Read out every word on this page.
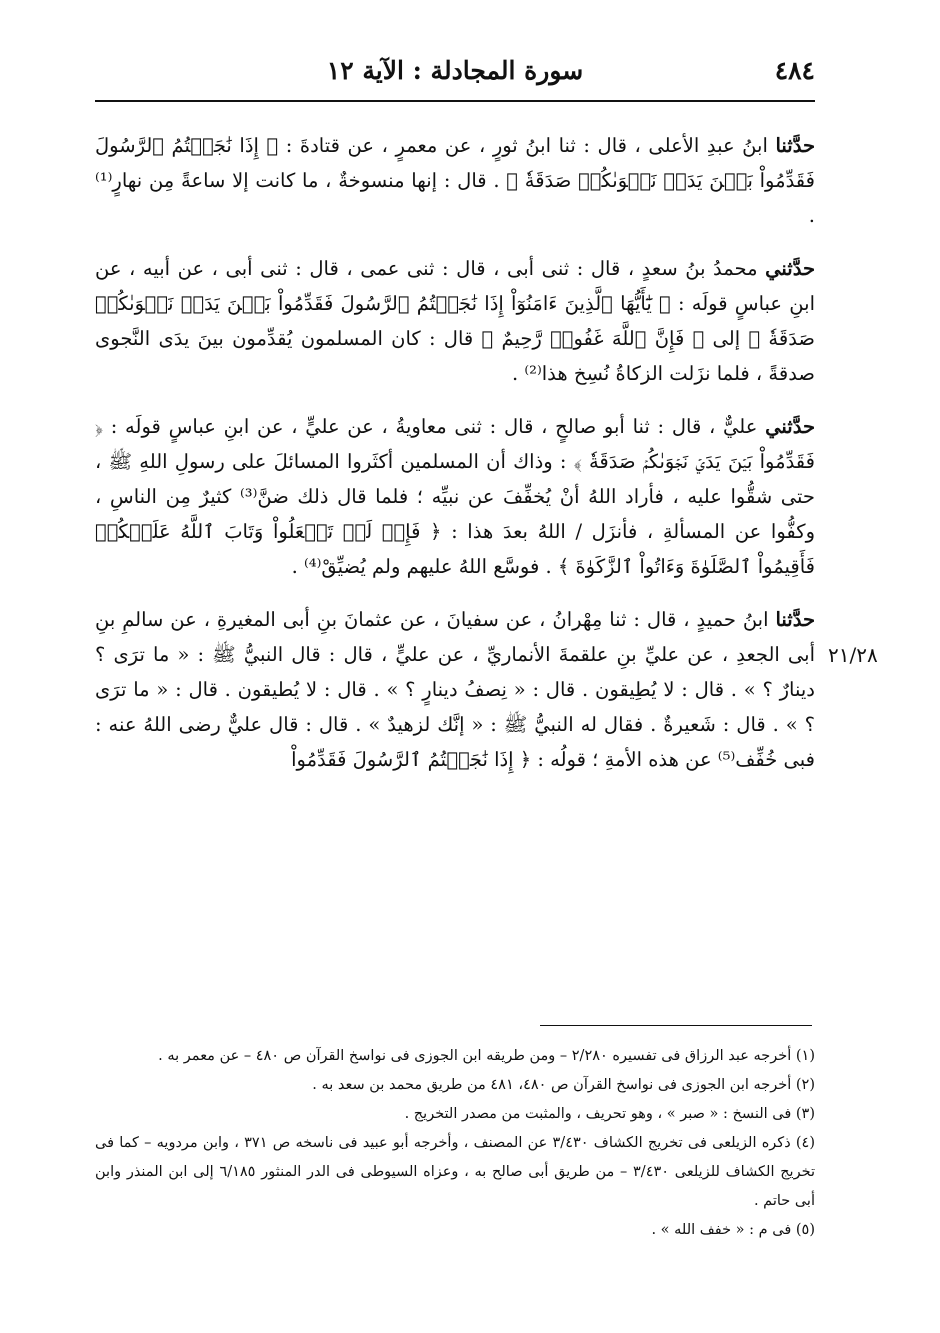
٤٨٤
سورة المجادلة : الآية ١٢

حدَّثنا ابنُ عبدِ الأعلى ، قال : ثنا ابنُ ثورٍ ، عن معمرٍ ، عن قتادةَ : ﴿ إِذَا نَٰجَيۡتُمُ ٱلرَّسُولَ فَقَدِّمُواْ بَيۡنَ يَدَيۡ نَجۡوَىٰكُمۡ صَدَقَةٗ ﴾ . قال : إنها منسوخةٌ ، ما كانت إلا ساعةً مِن نهارٍ⁽¹⁾ .

حدَّثني محمدُ بنُ سعدٍ ، قال : ثنى أبى ، قال : ثنى عمى ، قال : ثنى أبى ، عن أبيه ، عن ابنِ عباسٍ قولَه : ﴿ يَٰٓأَيُّهَا ٱلَّذِينَ ءَامَنُوٓاْ إِذَا نَٰجَيۡتُمُ ٱلرَّسُولَ فَقَدِّمُواْ بَيۡنَ يَدَيۡ نَجۡوَىٰكُمۡ صَدَقَةٗ ﴾ إلى ﴿ فَإِنَّ ٱللَّهَ غَفُورٞ رَّحِيمٌ ﴾ قال : كان المسلمون يُقدِّمون بينَ يدَى النَّجوى صدقةً ، فلما نزَلت الزكاةُ نُسِخ هذا⁽²⁾ .

حدَّثني عليٌّ ، قال : ثنا أبو صالحٍ ، قال : ثنى معاويةُ ، عن عليٍّ ، عن ابنِ عباسٍ قولَه : ﴿ فَقَدِّمُواْ بَيۡنَ يَدَيۡ نَجۡوَىٰكُمۡ صَدَقَةٗ ﴾ : وذاك أن المسلمين أكثَروا المسائلَ على رسولِ اللهِ ﷺ ، حتى شقُّوا عليه ، فأراد اللهُ أنْ يُخفِّفَ عن نبيِّه ؛ فلما قال ذلك ضنَّ⁽³⁾ كثيرٌ مِن الناسِ ، وكفُّوا عن المسألةِ ، فأنزَل / اللهُ بعدَ هذا : ﴿ فَإِذۡ لَمۡ تَفۡعَلُواْ وَتَابَ ٱللَّهُ عَلَيۡكُمۡ فَأَقِيمُواْ ٱلصَّلَوٰةَ وَءَاتُواْ ٱلزَّكَوٰةَ ﴾ . فوسَّع اللهُ عليهم ولم يُضيِّقْ⁽⁴⁾ .

حدَّثنا ابنُ حميدٍ ، قال : ثنا مِهْرانُ ، عن سفيانَ ، عن عثمانَ بنِ أبى المغيرةِ ، عن سالمِ بنِ أبى الجعدِ ، عن عليِّ بنِ علقمةَ الأنماريِّ ، عن عليٍّ ، قال : قال النبيُّ ﷺ : « ما ترَى ؟ دينارٌ ؟ » . قال : لا يُطِيقون . قال : « نِصفُ دينارٍ ؟ » . قال : لا يُطيقون . قال : « ما ترَى ؟ » . قال : شَعيرةٌ . فقال له النبيُّ ﷺ : « إنَّك لزهيدٌ » . قال : قال عليٌّ رضى اللهُ عنه : فبى خُفِّف⁽⁵⁾ عن هذه الأمةِ ؛ قولُه : ﴿ إِذَا نَٰجَيۡتُمُ ٱلرَّسُولَ فَقَدِّمُواْ

٢١/٢٨

(١) أخرجه عبد الرزاق فى تفسيره ٢/٢٨٠ – ومن طريقه ابن الجوزى فى نواسخ القرآن ص ٤٨٠ – عن معمر به .

(٢) أخرجه ابن الجوزى فى نواسخ القرآن ص ٤٨٠، ٤٨١ من طريق محمد بن سعد به .

(٣) فى النسخ : « صبر » ، وهو تحريف ، والمثبت من مصدر التخريج .

(٤) ذكره الزيلعى فى تخريج الكشاف ٣/٤٣٠ عن المصنف ، وأخرجه أبو عبيد فى ناسخه ص ٣٧١ ، وابن مردويه – كما فى تخريج الكشاف للزيلعى ٣/٤٣٠ – من طريق أبى صالح به ، وعزاه السيوطى فى الدر المنثور ٦/١٨٥ إلى ابن المنذر وابن أبى حاتم .

(٥) فى م : « خفف الله » .
